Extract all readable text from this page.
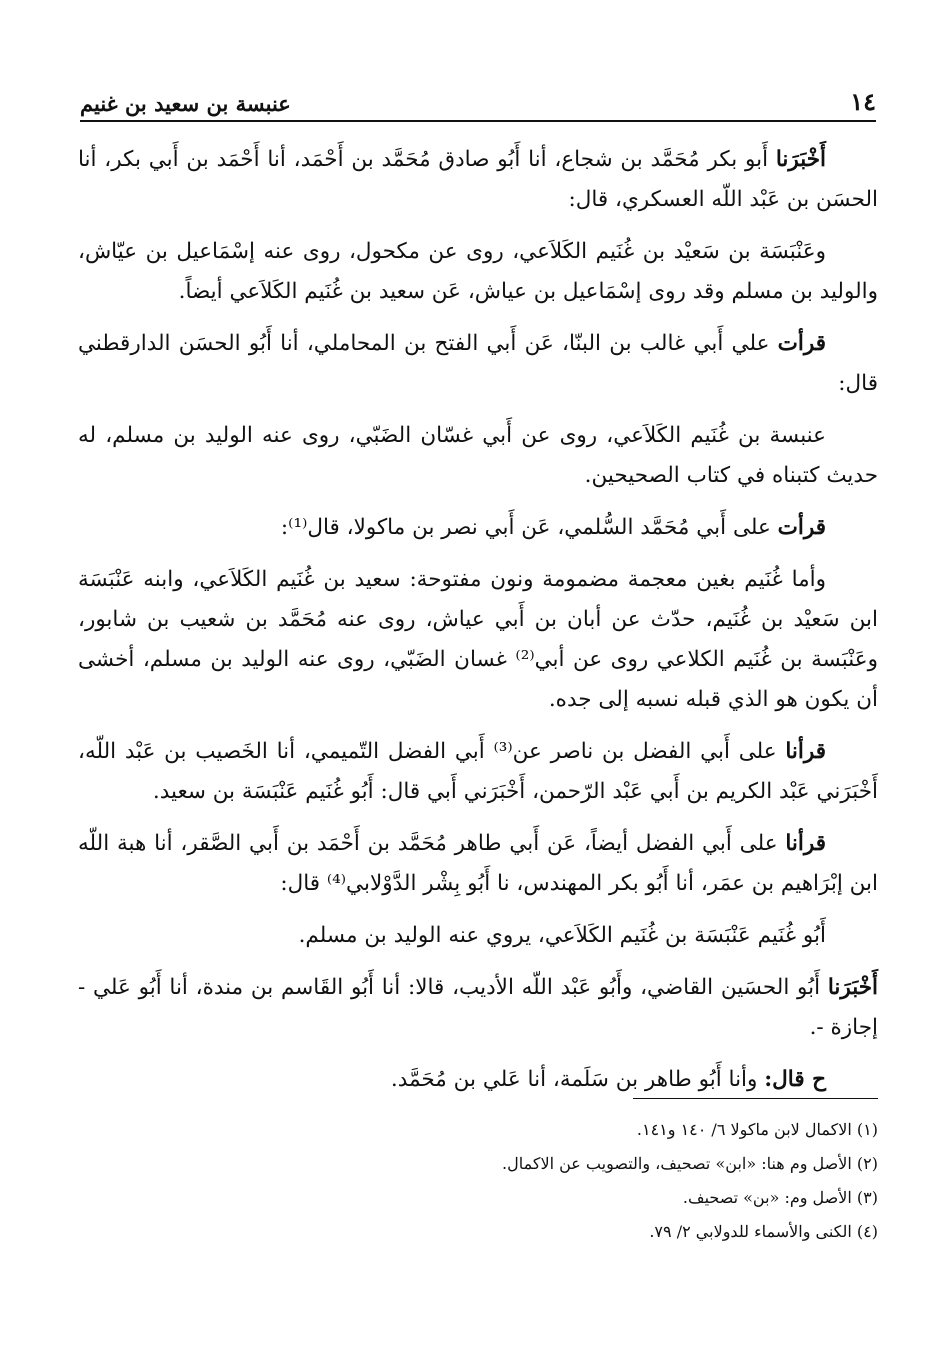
١٤
عنبسة بن سعيد بن غنيم

أَخْبَرَنا أَبو بكر مُحَمَّد بن شجاع، أنا أَبُو صادق مُحَمَّد بن أَحْمَد، أنا أَحْمَد بن أَبي بكر، أنا الحسَن بن عَبْد اللّه العسكري، قال:

وعَنْبَسَة بن سَعيْد بن غُنَيم الكَلاَعي، روى عن مكحول، روى عنه إسْمَاعيل بن عيّاش، والوليد بن مسلم وقد روى إسْمَاعيل بن عياش، عَن سعيد بن غُنَيم الكَلاَعي أيضاً.

قرأت علي أَبي غالب بن البنّا، عَن أَبي الفتح بن المحاملي، أنا أَبُو الحسَن الدارقطني قال:

عنبسة بن غُنَيم الكَلاَعي، روى عن أَبي غسّان الضَبّي، روى عنه الوليد بن مسلم، له حديث كتبناه في كتاب الصحيحين.

قرأت على أَبي مُحَمَّد السُّلمي، عَن أَبي نصر بن ماكولا، قال⁽¹⁾:

وأما غُنَيم بغين معجمة مضمومة ونون مفتوحة: سعيد بن غُنَيم الكَلاَعي، وابنه عَنْبَسَة ابن سَعيْد بن غُنَيم، حدّث عن أبان بن أَبي عياش، روى عنه مُحَمَّد بن شعيب بن شابور، وعَنْبَسة بن غُنَيم الكلاعي روى عن أبي⁽²⁾ غسان الضَبّي، روى عنه الوليد بن مسلم، أخشى أن يكون هو الذي قبله نسبه إلى جده.

قرأنا على أَبي الفضل بن ناصر عن⁽³⁾ أَبي الفضل التّميمي، أنا الخَصيب بن عَبْد اللّه، أَخْبَرَني عَبْد الكريم بن أَبي عَبْد الرّحمن، أَخْبَرَني أَبي قال: أَبُو غُنَيم عَنْبَسَة بن سعيد.

قرأنا على أَبي الفضل أيضاً، عَن أَبي طاهر مُحَمَّد بن أَحْمَد بن أَبي الصَّقر، أنا هبة اللّه ابن إبْرَاهيم بن عمَر، أنا أَبُو بكر المهندس، نا أَبُو بِشْر الدَّوْلابي⁽⁴⁾ قال:

أَبُو غُنَيم عَنْبَسَة بن غُنَيم الكَلاَعي، يروي عنه الوليد بن مسلم.

أَخْبَرَنا أَبُو الحسَين القاضي، وأَبُو عَبْد اللّه الأديب، قالا: أنا أَبُو القَاسم بن مندة، أنا أَبُو عَلي - إجازة -.

ح قال: وأنا أَبُو طاهر بن سَلَمة، أنا عَلي بن مُحَمَّد.

(١) الاكمال لابن ماكولا ٦/ ١٤٠ و١٤١.
(٢) الأصل وم هنا: «ابن» تصحيف، والتصويب عن الاكمال.
(٣) الأصل وم: «بن» تصحيف.
(٤) الكنى والأسماء للدولابي ٢/ ٧٩.
